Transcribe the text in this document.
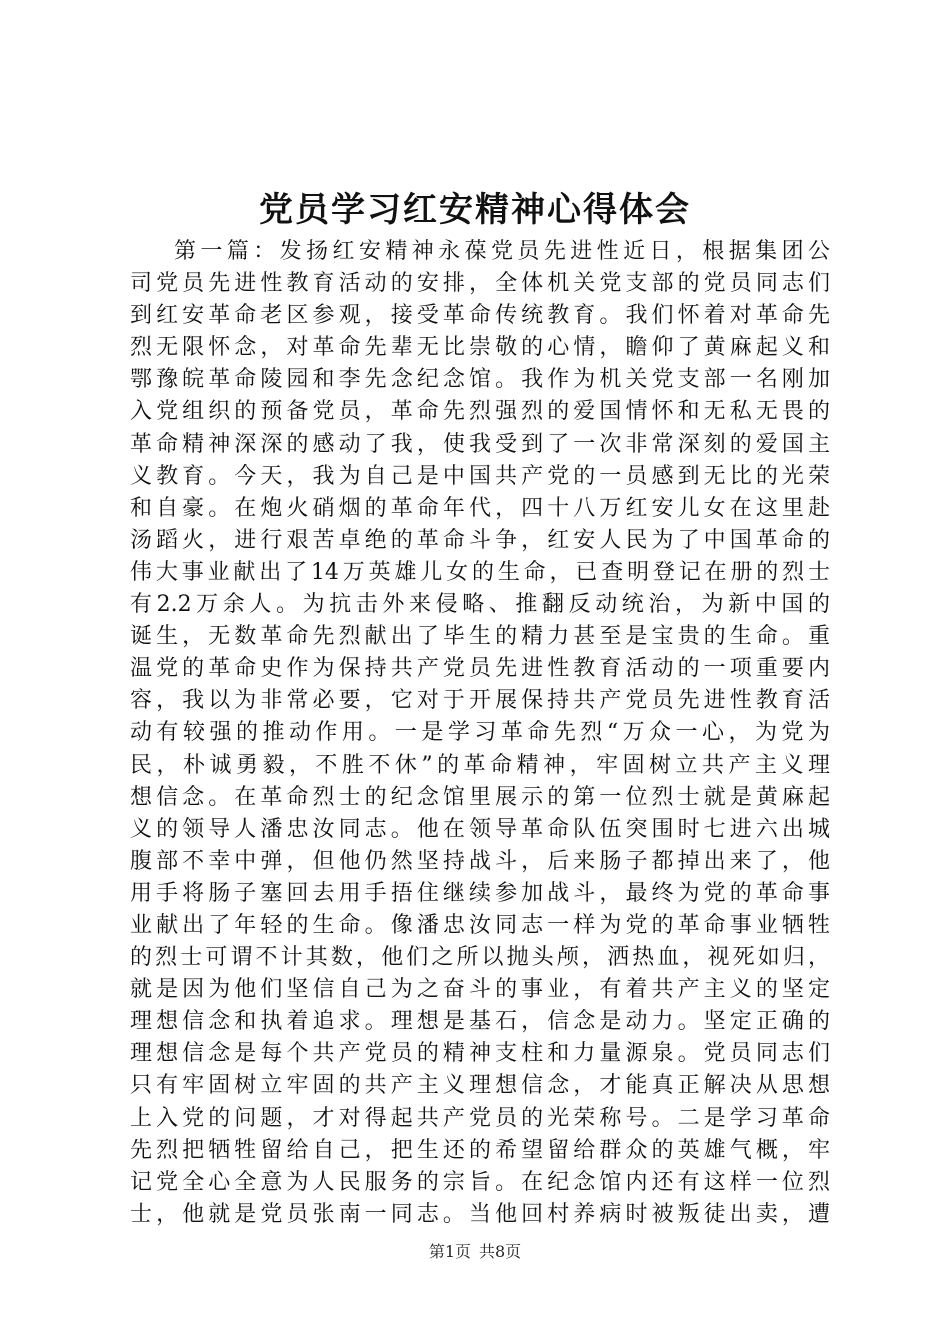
党员学习红安精神心得体会
第一篇：发扬红安精神永葆党员先进性近日，根据集团公
司党员先进性教育活动的安排，全体机关党支部的党员同志们
到红安革命老区参观，接受革命传统教育。我们怀着对革命先
烈无限怀念，对革命先辈无比崇敬的心情，瞻仰了黄麻起义和
鄂豫皖革命陵园和李先念纪念馆。我作为机关党支部一名刚加
入党组织的预备党员，革命先烈强烈的爱国情怀和无私无畏的
革命精神深深的感动了我，使我受到了一次非常深刻的爱国主
义教育。今天，我为自己是中国共产党的一员感到无比的光荣
和自豪。在炮火硝烟的革命年代，四十八万红安儿女在这里赴
汤蹈火，进行艰苦卓绝的革命斗争，红安人民为了中国革命的
伟大事业献出了14万英雄儿女的生命，已查明登记在册的烈士
有2.2万余人。为抗击外来侵略、推翻反动统治，为新中国的
诞生，无数革命先烈献出了毕生的精力甚至是宝贵的生命。重
温党的革命史作为保持共产党员先进性教育活动的一项重要内
容，我以为非常必要，它对于开展保持共产党员先进性教育活
动有较强的推动作用。一是学习革命先烈“万众一心，为党为
民，朴诚勇毅，不胜不休”的革命精神，牢固树立共产主义理
想信念。在革命烈士的纪念馆里展示的第一位烈士就是黄麻起
义的领导人潘忠汝同志。他在领导革命队伍突围时七进六出城
腹部不幸中弹，但他仍然坚持战斗，后来肠子都掉出来了，他
用手将肠子塞回去用手捂住继续参加战斗，最终为党的革命事
业献出了年轻的生命。像潘忠汝同志一样为党的革命事业牺牲
的烈士可谓不计其数，他们之所以抛头颅，洒热血，视死如归，
就是因为他们坚信自己为之奋斗的事业，有着共产主义的坚定
理想信念和执着追求。理想是基石，信念是动力。坚定正确的
理想信念是每个共产党员的精神支柱和力量源泉。党员同志们
只有牢固树立牢固的共产主义理想信念，才能真正解决从思想
上入党的问题，才对得起共产党员的光荣称号。二是学习革命
先烈把牺牲留给自己，把生还的希望留给群众的英雄气概，牢
记党全心全意为人民服务的宗旨。在纪念馆内还有这样一位烈
士，他就是党员张南一同志。当他回村养病时被叛徒出卖，遭
第1页 共8页
